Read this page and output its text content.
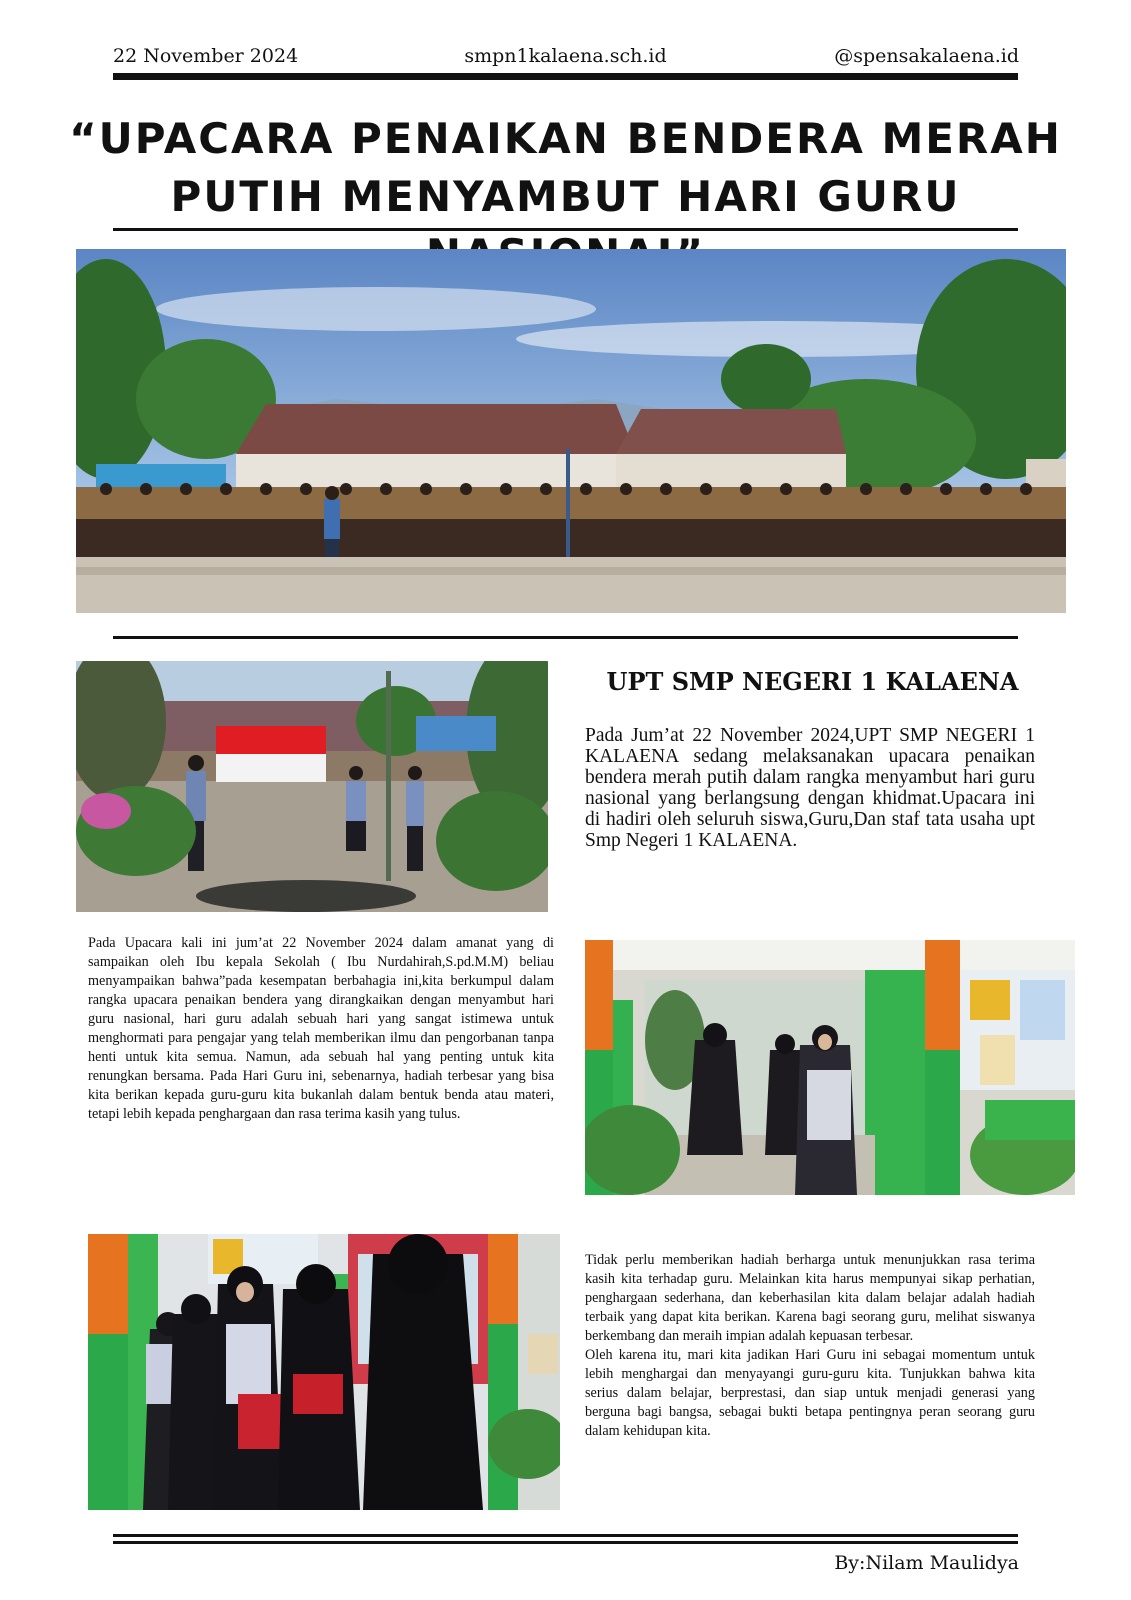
22 November 2024	smpn1kalaena.sch.id	@spensakalaena.id
“UPACARA PENAIKAN BENDERA MERAH
PUTIH MENYAMBUT HARI GURU
UPT SMP NEGERI 1 KALAENA
Pada Jum’at 22 November 2024,UPT SMP NEGERI 1 KALAENA sedang melaksanakan upacara penaikan bendera merah putih dalam rangka menyambut hari guru nasional yang berlangsung dengan khidmat.Upacara ini di hadiri oleh seluruh siswa,Guru,Dan staf tata usaha upt Smp Negeri 1 KALAENA.
Pada Upacara kali ini jum’at 22 November 2024 dalam amanat yang di sampaikan oleh Ibu kepala Sekolah ( Ibu Nurdahirah,S.pd.M.M) beliau menyampaikan bahwa”pada kesempatan berbahagia ini,kita berkumpul dalam rangka upacara penaikan bendera yang dirangkaikan dengan menyambut hari guru nasional, hari guru adalah sebuah hari yang sangat istimewa untuk menghormati para pengajar yang telah memberikan ilmu dan pengorbanan tanpa henti untuk kita semua. Namun, ada sebuah hal yang penting untuk kita renungkan bersama. Pada Hari Guru ini, sebenarnya, hadiah terbesar yang bisa kita berikan kepada guru-guru kita bukanlah dalam bentuk benda atau materi, tetapi lebih kepada penghargaan dan rasa terima kasih yang tulus.
Tidak perlu memberikan hadiah berharga untuk menunjukkan rasa terima kasih kita terhadap guru. Melainkan kita harus mempunyai sikap perhatian, penghargaan sederhana, dan keberhasilan kita dalam belajar adalah hadiah terbaik yang dapat kita berikan. Karena bagi seorang guru, melihat siswanya berkembang dan meraih impian adalah kepuasan terbesar.
Oleh karena itu, mari kita jadikan Hari Guru ini sebagai momentum untuk lebih menghargai dan menyayangi guru-guru kita. Tunjukkan bahwa kita serius dalam belajar, berprestasi, dan siap untuk menjadi generasi yang berguna bagi bangsa, sebagai bukti betapa pentingnya peran seorang guru dalam kehidupan kita.
By:Nilam Maulidya
